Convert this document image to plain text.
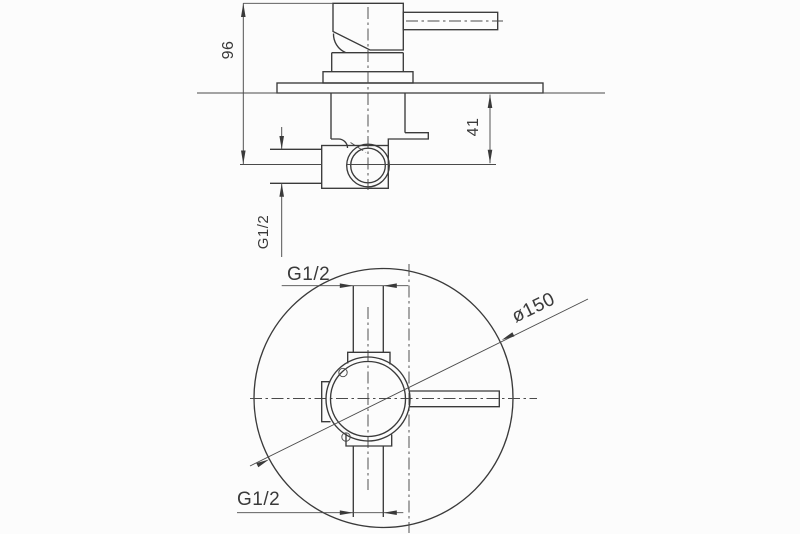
96
41
G1/2
G1/2
G1/2
ø150
